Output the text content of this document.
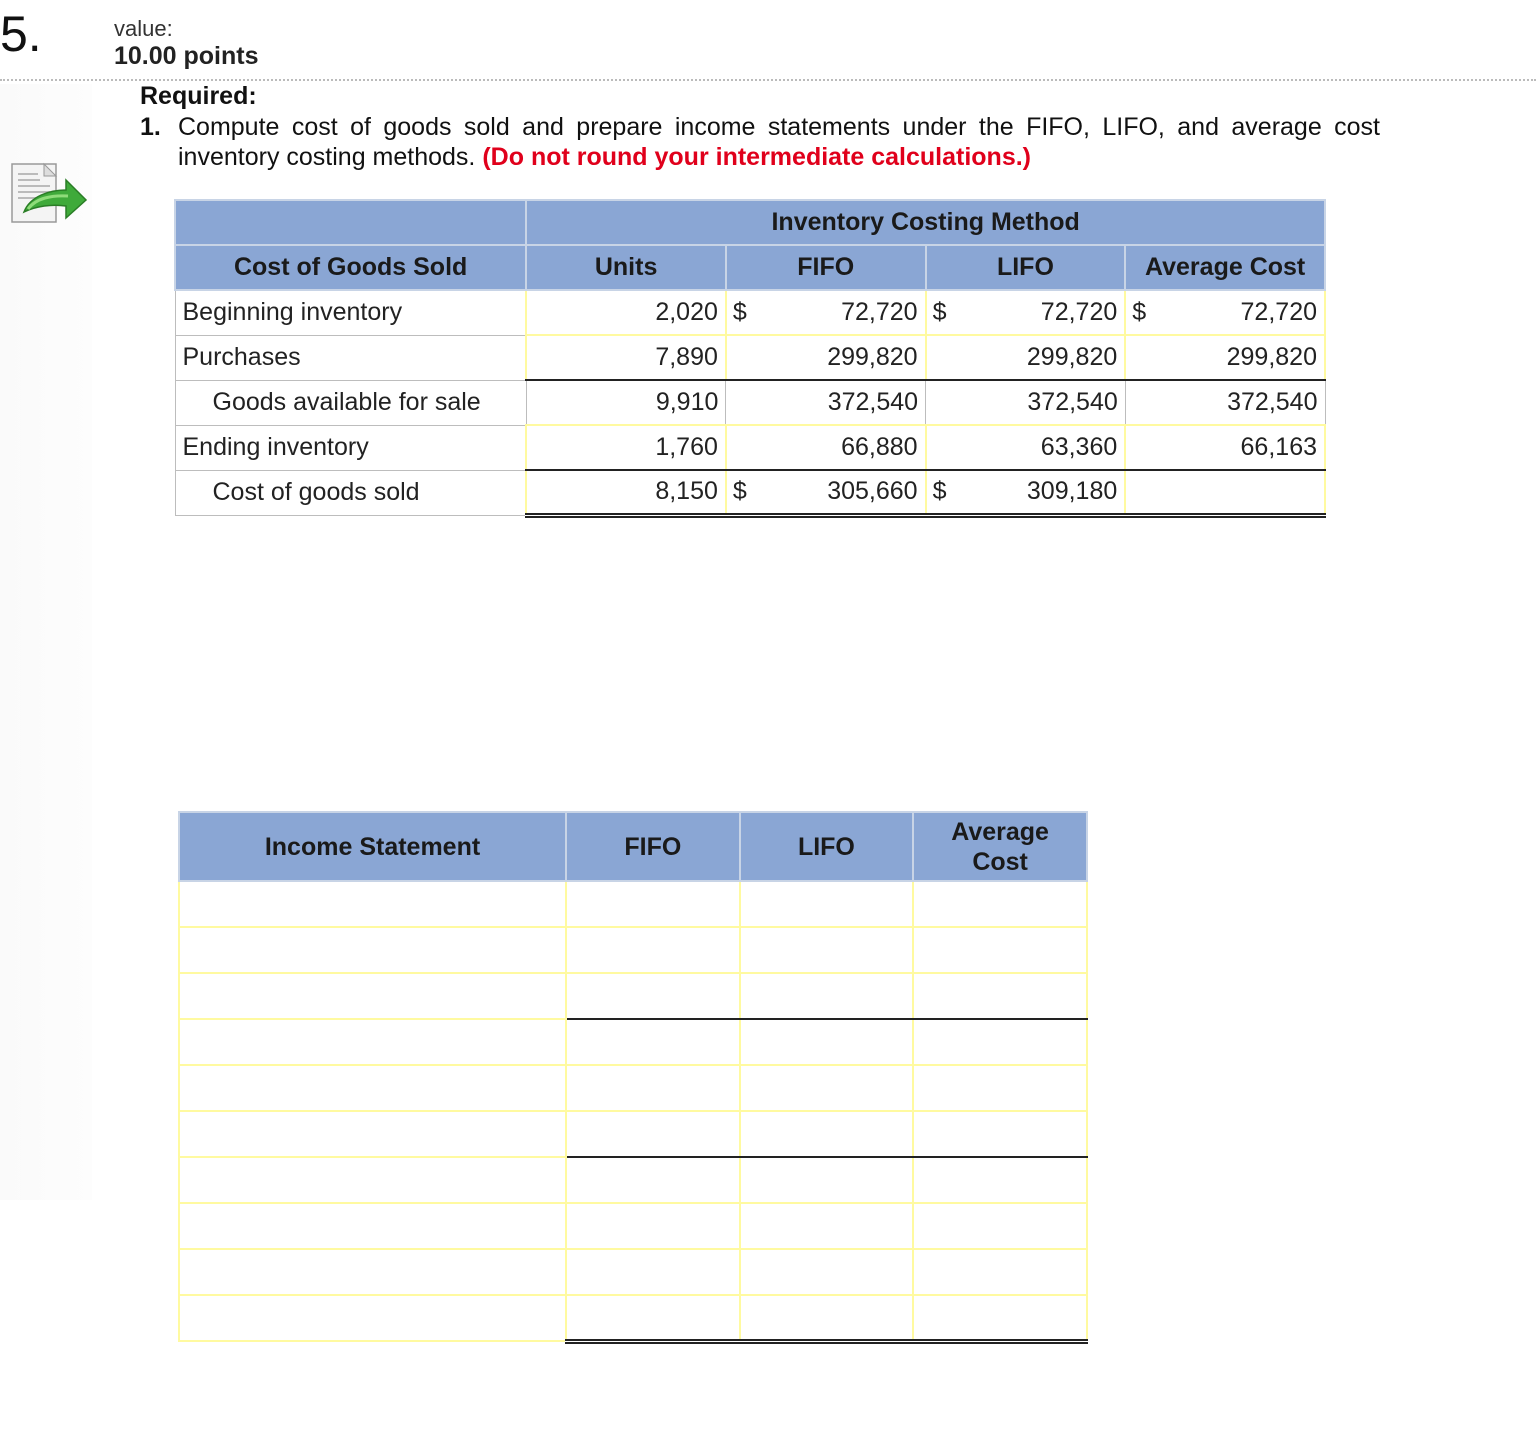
5.	value:
10.00 points
Required:
1. Compute cost of goods sold and prepare income statements under the FIFO, LIFO, and average cost inventory costing methods. (Do not round your intermediate calculations.)
	Inventory Costing Method			
Cost of Goods Sold	Units	FIFO	LIFO	Average Cost
Beginning inventory	2,020	$ 72,720	$ 72,720	$ 72,720
Purchases	7,890	299,820	299,820	299,820
Goods available for sale	9,910	372,540	372,540	372,540
Ending inventory	1,760	66,880	63,360	66,163
Cost of goods sold	8,150	$ 305,660	$ 309,180	
Income Statement	FIFO	LIFO	Average Cost
